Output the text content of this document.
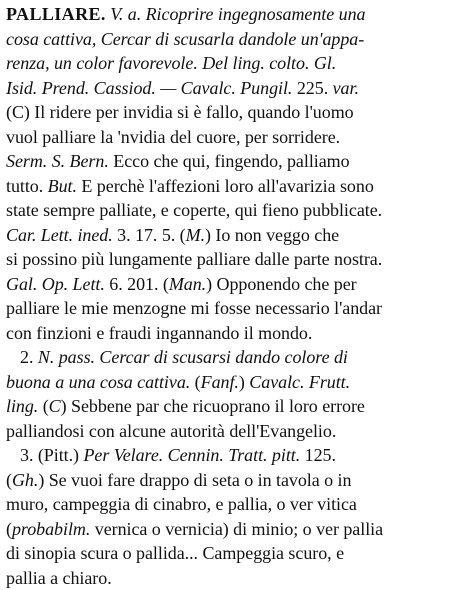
PALLIARE. V. a. Ricoprire ingegnosamente una
cosa cattiva, Cercar di scusarla dandole un'appa-
renza, un color favorevole. Del ling. colto. Gl.
Isid. Prend. Cassiod. — Cavalc. Pungil. 225. var.
(C) Il ridere per invidia si è fallo, quando l'uomo
vuol palliare la 'nvidia del cuore, per sorridere.
Serm. S. Bern. Ecco che qui, fingendo, palliamo
tutto. But. E perchè l'affezioni loro all'avarizia sono
state sempre palliate, e coperte, qui fieno pubblicate.
Car. Lett. ined. 3. 17. 5. (M.) Io non veggo che
si possino più lungamente palliare dalle parte nostra.
Gal. Op. Lett. 6. 201. (Man.) Opponendo che per
palliare le mie menzogne mi fosse necessario l'andar
con finzioni e fraudi ingannando il mondo.
2. N. pass. Cercar di scusarsi dando colore di
buona a una cosa cattiva. (Fanf.) Cavalc. Frutt.
ling. (C) Sebbene par che ricuoprano il loro errore
palliandosi con alcune autorità dell'Evangelio.
3. (Pitt.) Per Velare. Cennin. Tratt. pitt. 125.
(Gh.) Se vuoi fare drappo di seta o in tavola o in
muro, campeggia di cinabro, e pallia, o ver vitica
(probabilm. vernica o vernicia) di minio; o ver pallia
di sinopia scura o pallida... Campeggia scuro, e
pallia a chiaro.
